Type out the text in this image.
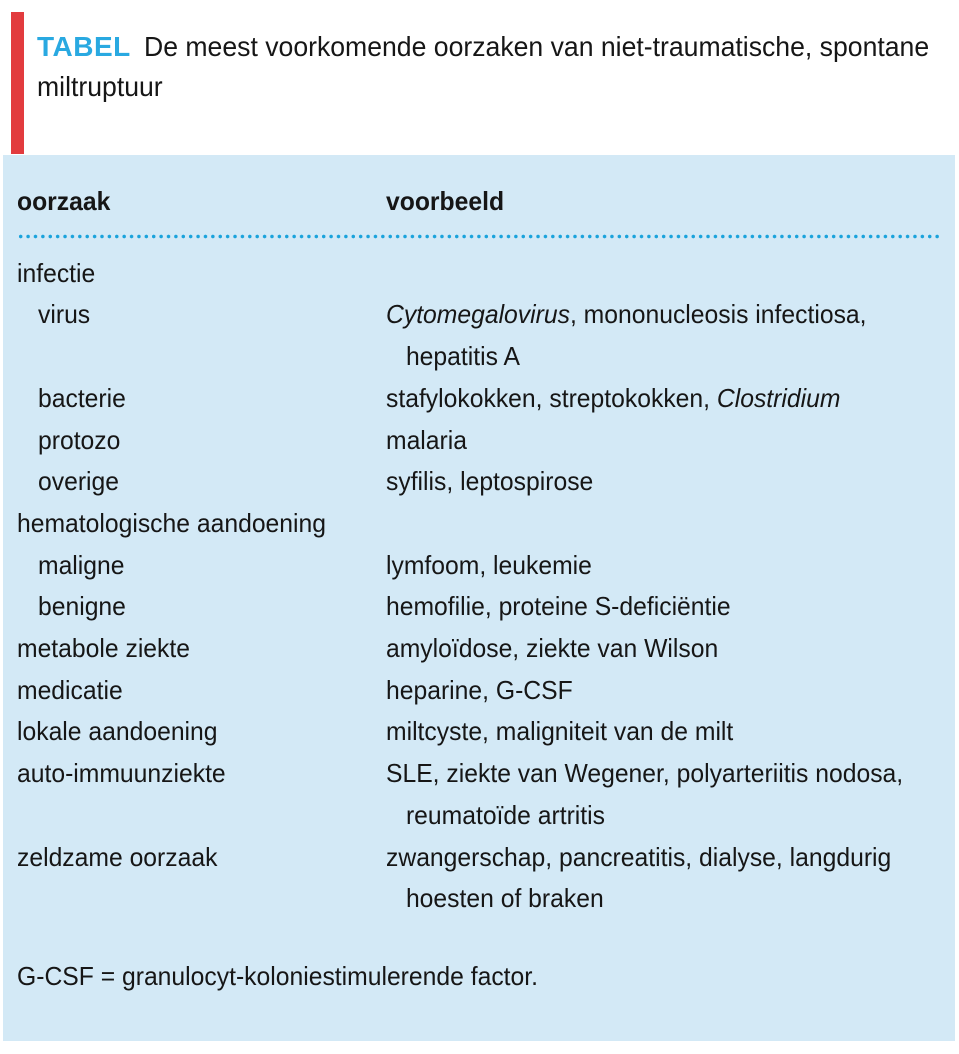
TABEL De meest voorkomende oorzaken van niet-traumatische, spontane
miltruptuur
oorzaak	voorbeeld
infectie
virus	Cytomegalovirus, mononucleosis infectiosa,
hepatitis A
bacterie	stafylokokken, streptokokken, Clostridium
protozo	malaria
overige	syfilis, leptospirose
hematologische aandoening
maligne	lymfoom, leukemie
benigne	hemofilie, proteine S-deficiëntie
metabole ziekte	amyloïdose, ziekte van Wilson
medicatie	heparine, G-CSF
lokale aandoening	miltcyste, maligniteit van de milt
auto-immuunziekte	SLE, ziekte van Wegener, polyarteriitis nodosa,
reumatoïde artritis
zeldzame oorzaak	zwangerschap, pancreatitis, dialyse, langdurig
hoesten of braken
G-CSF = granulocyt-koloniestimulerende factor.
